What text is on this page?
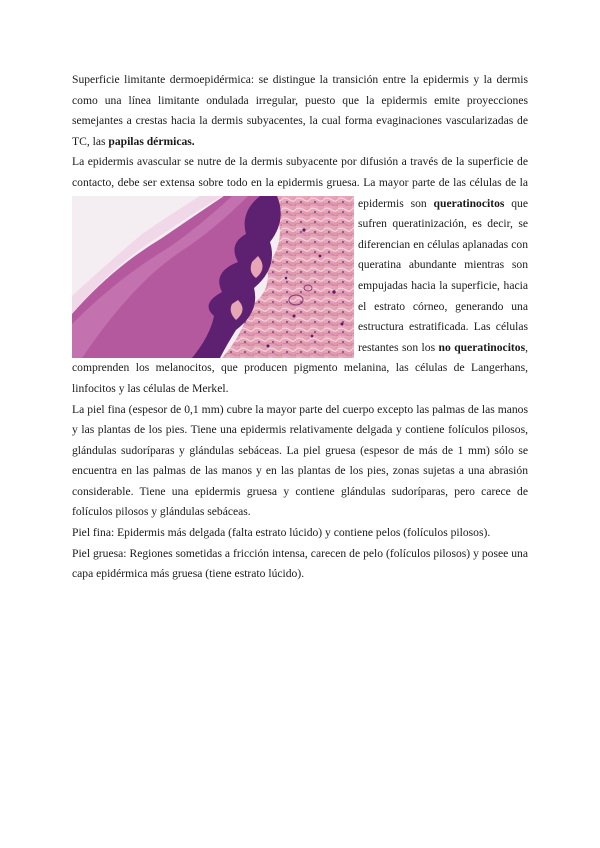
Superficie limitante dermoepidérmica: se distingue la transición entre la epidermis y la dermis como una línea limitante ondulada irregular, puesto que la epidermis emite proyecciones semejantes a crestas hacia la dermis subyacentes, la cual forma evaginaciones vascularizadas de TC, las papilas dérmicas.

La epidermis avascular se nutre de la dermis subyacente por difusión a través de la superficie de contacto, debe ser extensa sobre todo en la epidermis gruesa. La mayor parte de las células de la epidermis son
queratinocitos que sufren queratinización, es decir, se diferencian en células aplanadas con queratina abundante mientras son empujadas hacia la superficie, hacia el estrato córneo, generando una estructura estratificada. Las células restantes son los no queratinocitos, comprenden los melanocitos, que producen pigmento melanina, las células de Langerhans, linfocitos y las células de Merkel.

La piel fina (espesor de 0,1 mm) cubre la mayor parte del cuerpo excepto las palmas de las manos y las plantas de los pies. Tiene una epidermis relativamente delgada y contiene folículos pilosos, glándulas sudoríparas y glándulas sebáceas. La piel gruesa (espesor de más de 1 mm) sólo se encuentra en las palmas de las manos y en las plantas de los pies, zonas sujetas a una abrasión considerable. Tiene una epidermis gruesa y contiene glándulas sudoríparas, pero carece de folículos pilosos y glándulas sebáceas.

Piel fina: Epidermis más delgada (falta estrato lúcido) y contiene pelos (folículos pilosos).

Piel gruesa: Regiones sometidas a fricción intensa, carecen de pelo (folículos pilosos) y posee una capa epidérmica más gruesa (tiene estrato lúcido).
